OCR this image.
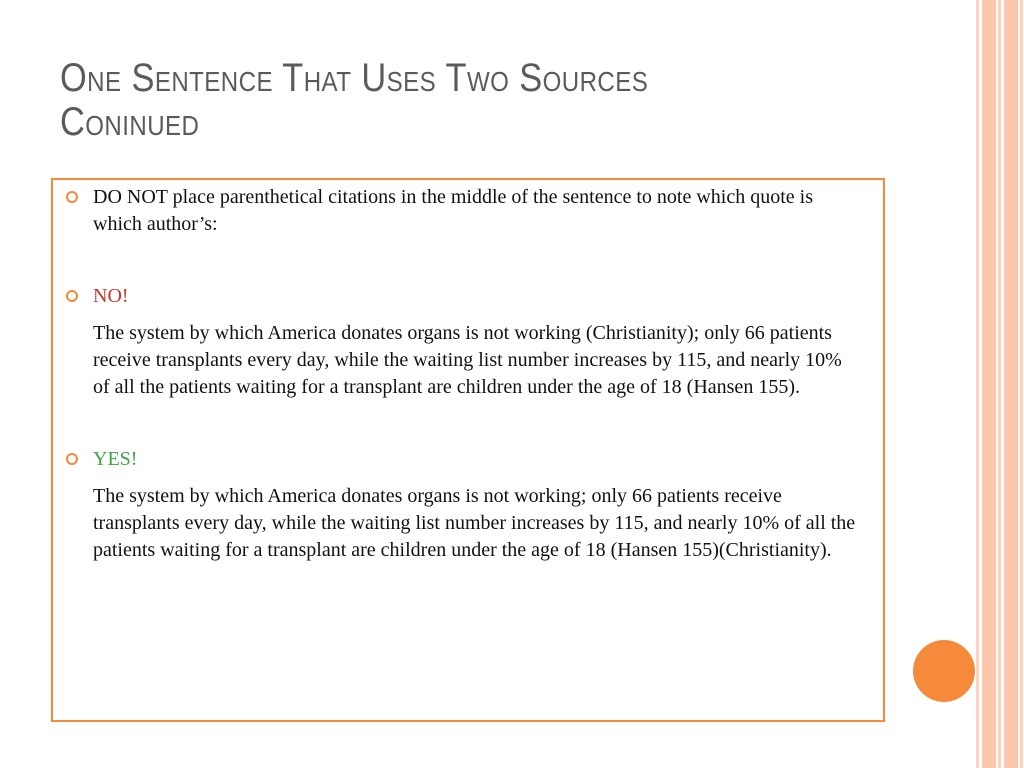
One Sentence That Uses Two Sources
Coninued

DO NOT place parenthetical citations in the middle of the sentence to note which quote is which author’s:

NO!

The system by which America donates organs is not working (Christianity); only 66 patients receive transplants every day, while the waiting list number increases by 115, and nearly 10% of all the patients waiting for a transplant are children under the age of 18 (Hansen 155).

YES!

The system by which America donates organs is not working; only 66 patients receive transplants every day, while the waiting list number increases by 115, and nearly 10% of all the patients waiting for a transplant are children under the age of 18 (Hansen 155)(Christianity).
